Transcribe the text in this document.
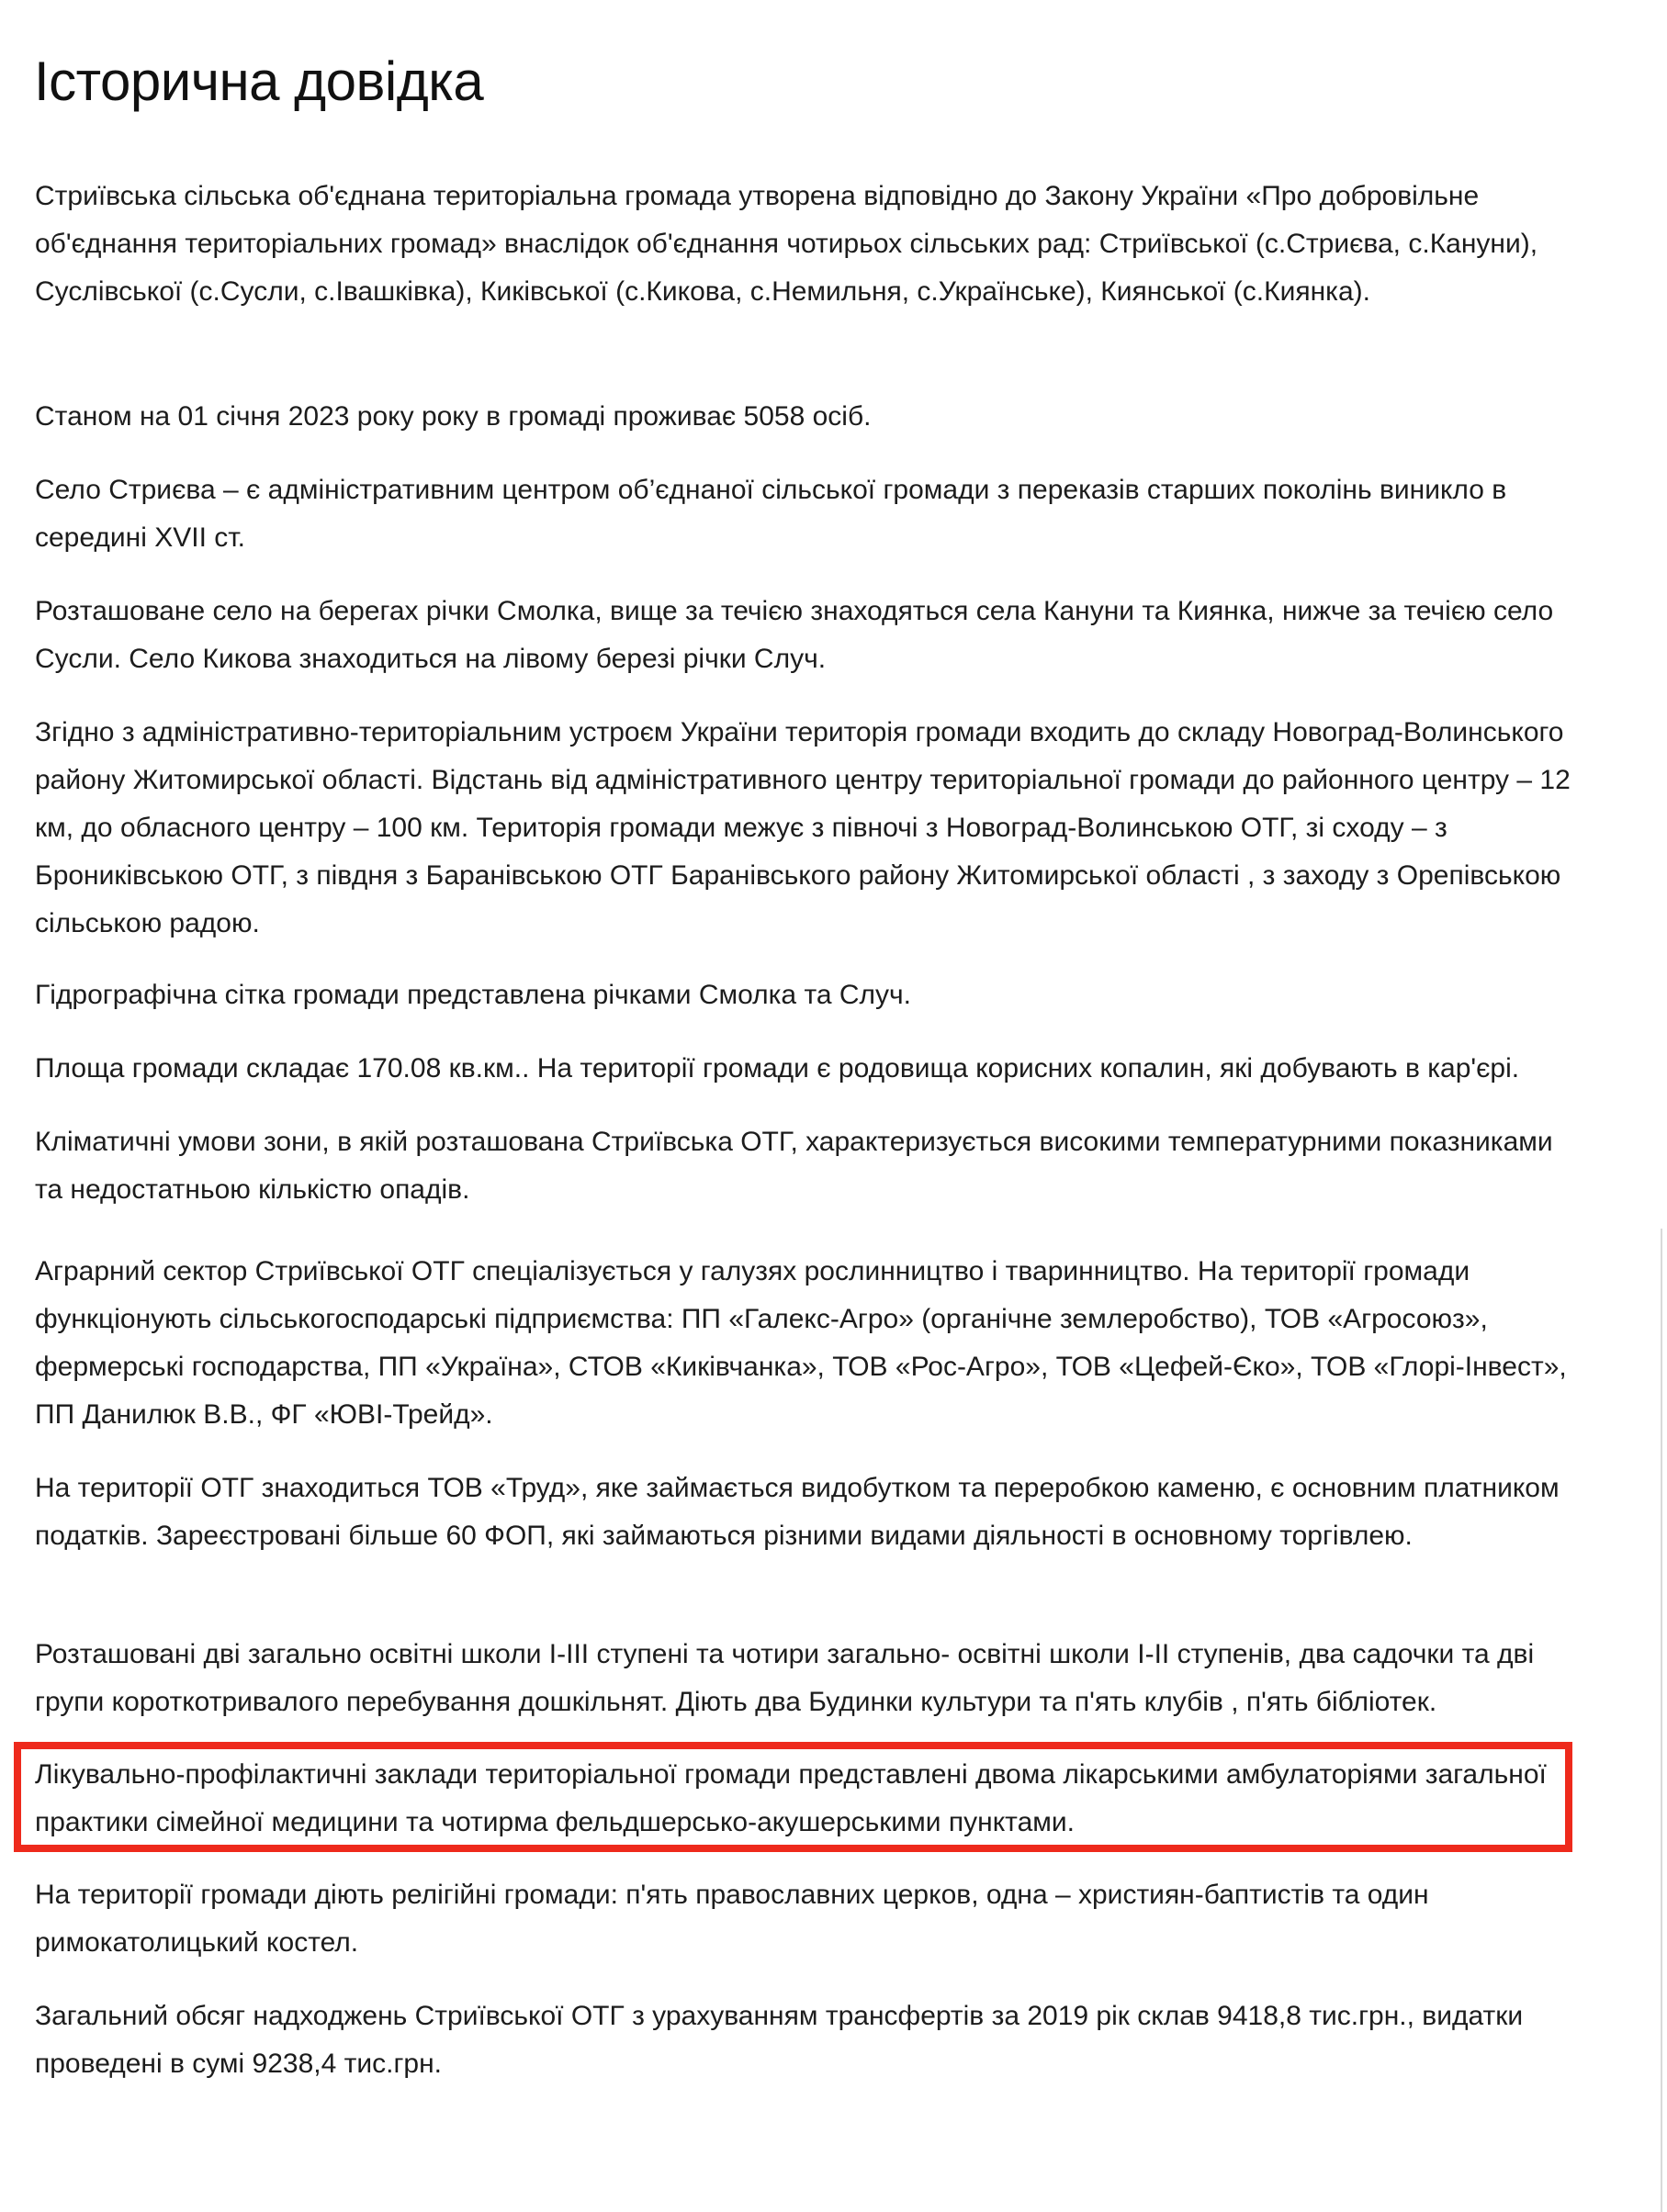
Історична довідка

Стриївська сільська об'єднана територіальна громада утворена відповідно до Закону України «Про добровільне об'єднання територіальних громад» внаслідок об'єднання чотирьох сільських рад: Стриївської (с.Стриєва, с.Кануни), Суслівської (с.Сусли, с.Івашківка), Киківської (с.Кикова, с.Немильня, с.Українське), Киянської (с.Киянка).

Станом на 01 січня 2023 року року в громаді проживає 5058 осіб.

Село Стриєва – є адміністративним центром об’єднаної сільської громади з переказів старших поколінь виникло в середині XVII ст.

Розташоване село на берегах річки Смолка, вище за течією знаходяться села Кануни та Киянка, нижче за течією село Сусли. Село Кикова знаходиться на лівому березі річки Случ.

Згідно з адміністративно-територіальним устроєм України територія громади входить до складу Новоград-Волинського району Житомирської області. Відстань від адміністративного центру територіальної громади до районного центру – 12 км, до обласного центру – 100 км. Територія громади межує з півночі з Новоград-Волинською ОТГ, зі сходу – з Брониківською ОТГ, з півдня з Баранівською ОТГ Баранівського району Житомирської області , з заходу з Орепівською сільською радою.

Гідрографічна сітка громади представлена річками Смолка та Случ.

Площа громади складає 170.08 кв.км.. На території громади є родовища корисних копалин, які добувають в кар'єрі.

Кліматичні умови зони, в якій розташована Стриївська ОТГ, характеризується високими температурними показниками та недостатньою кількістю опадів.

Аграрний сектор Стриївської ОТГ спеціалізується у галузях рослинництво і тваринництво. На території громади функціонують сільськогосподарські підприємства: ПП «Галекс-Агро» (органічне землеробство), ТОВ «Агросоюз», фермерські господарства, ПП «Україна», СТОВ «Киківчанка», ТОВ «Рос-Агро», ТОВ «Цефей-Єко», ТОВ «Глорі-Інвест», ПП Данилюк В.В., ФГ «ЮВІ-Трейд».

На території ОТГ знаходиться ТОВ «Труд», яке займається видобутком та переробкою каменю, є основним платником податків. Зареєстровані більше 60 ФОП, які займаються різними видами діяльності в основному торгівлею.

Розташовані дві загально освітні школи І-ІІІ ступені та чотири загально- освітні школи І-ІІ ступенів, два садочки та дві групи короткотривалого перебування дошкільнят. Діють два Будинки культури та п'ять клубів , п'ять бібліотек.

Лікувально-профілактичні заклади територіальної громади представлені двома лікарськими амбулаторіями загальної практики сімейної медицини та чотирма фельдшерсько-акушерськими пунктами.

На території громади діють релігійні громади: п'ять православних церков, одна – християн-баптистів та один римокатолицький костел.

Загальний обсяг надходжень Стриївської ОТГ з урахуванням трансфертів за 2019 рік склав 9418,8 тис.грн., видатки проведені в сумі 9238,4 тис.грн.
